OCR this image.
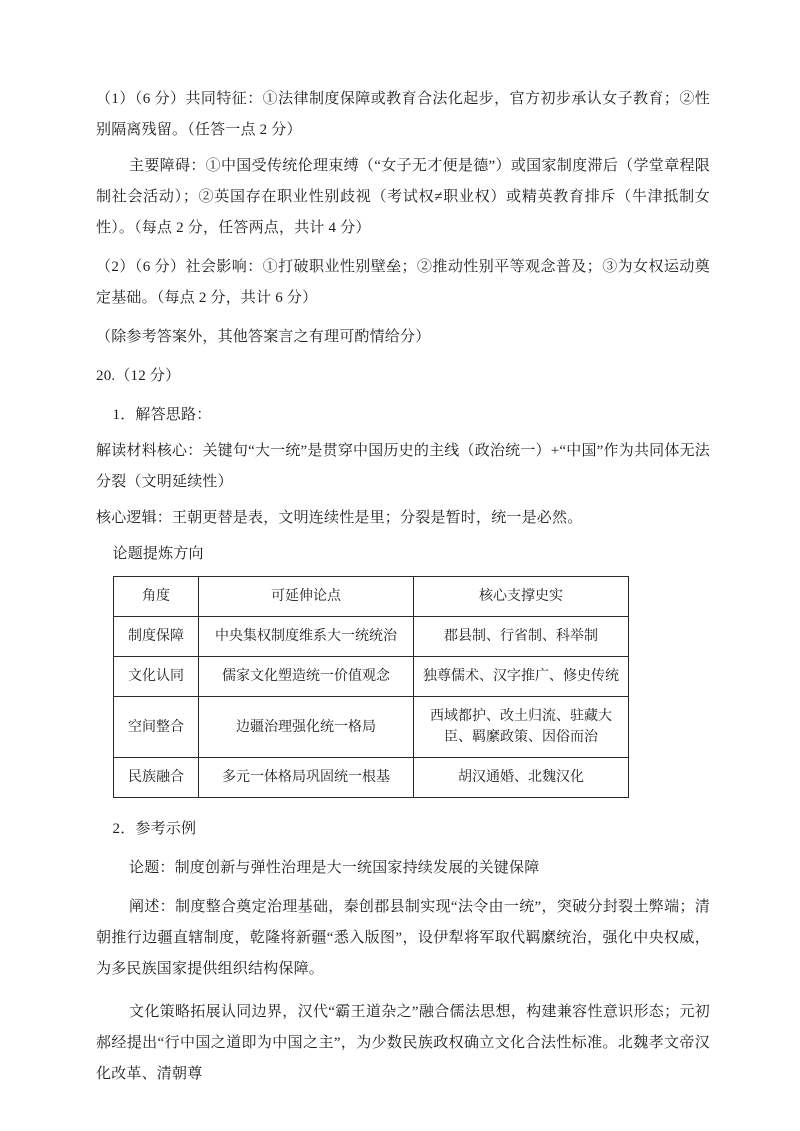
（1）（6 分）共同特征：①法律制度保障或教育合法化起步，官方初步承认女子教育；②性别隔离残留。（任答一点 2 分）

主要障碍：①中国受传统伦理束缚（“女子无才便是德”）或国家制度滞后（学堂章程限制社会活动）；②英国存在职业性别歧视（考试权≠职业权）或精英教育排斥（牛津抵制女性）。（每点 2 分，任答两点，共计 4 分）

（2）（6 分）社会影响：①打破职业性别壁垒；②推动性别平等观念普及；③为女权运动奠定基础。（每点 2 分，共计 6 分）

（除参考答案外，其他答案言之有理可酌情给分）

20.（12 分）

1．解答思路：

解读材料核心：关键句“大一统”是贯穿中国历史的主线（政治统一）+“中国”作为共同体无法分裂（文明延续性）

核心逻辑：王朝更替是表，文明连续性是里；分裂是暂时，统一是必然。

论题提炼方向

角度	可延伸论点	核心支撑史实
制度保障	中央集权制度维系大一统统治	郡县制、行省制、科举制
文化认同	儒家文化塑造统一价值观念	独尊儒术、汉字推广、修史传统
空间整合	边疆治理强化统一格局	西域都护、改土归流、驻藏大臣、羁縻政策、因俗而治
民族融合	多元一体格局巩固统一根基	胡汉通婚、北魏汉化

2．参考示例

论题：制度创新与弹性治理是大一统国家持续发展的关键保障

阐述：制度整合奠定治理基础，秦创郡县制实现“法令由一统”，突破分封裂土弊端；清朝推行边疆直辖制度，乾隆将新疆“悉入版图”，设伊犁将军取代羁縻统治，强化中央权威，为多民族国家提供组织结构保障。

文化策略拓展认同边界，汉代“霸王道杂之”融合儒法思想，构建兼容性意识形态；元初郝经提出“行中国之道即为中国之主”，为少数民族政权确立文化合法性标准。北魏孝文帝汉化改革、清朝尊
